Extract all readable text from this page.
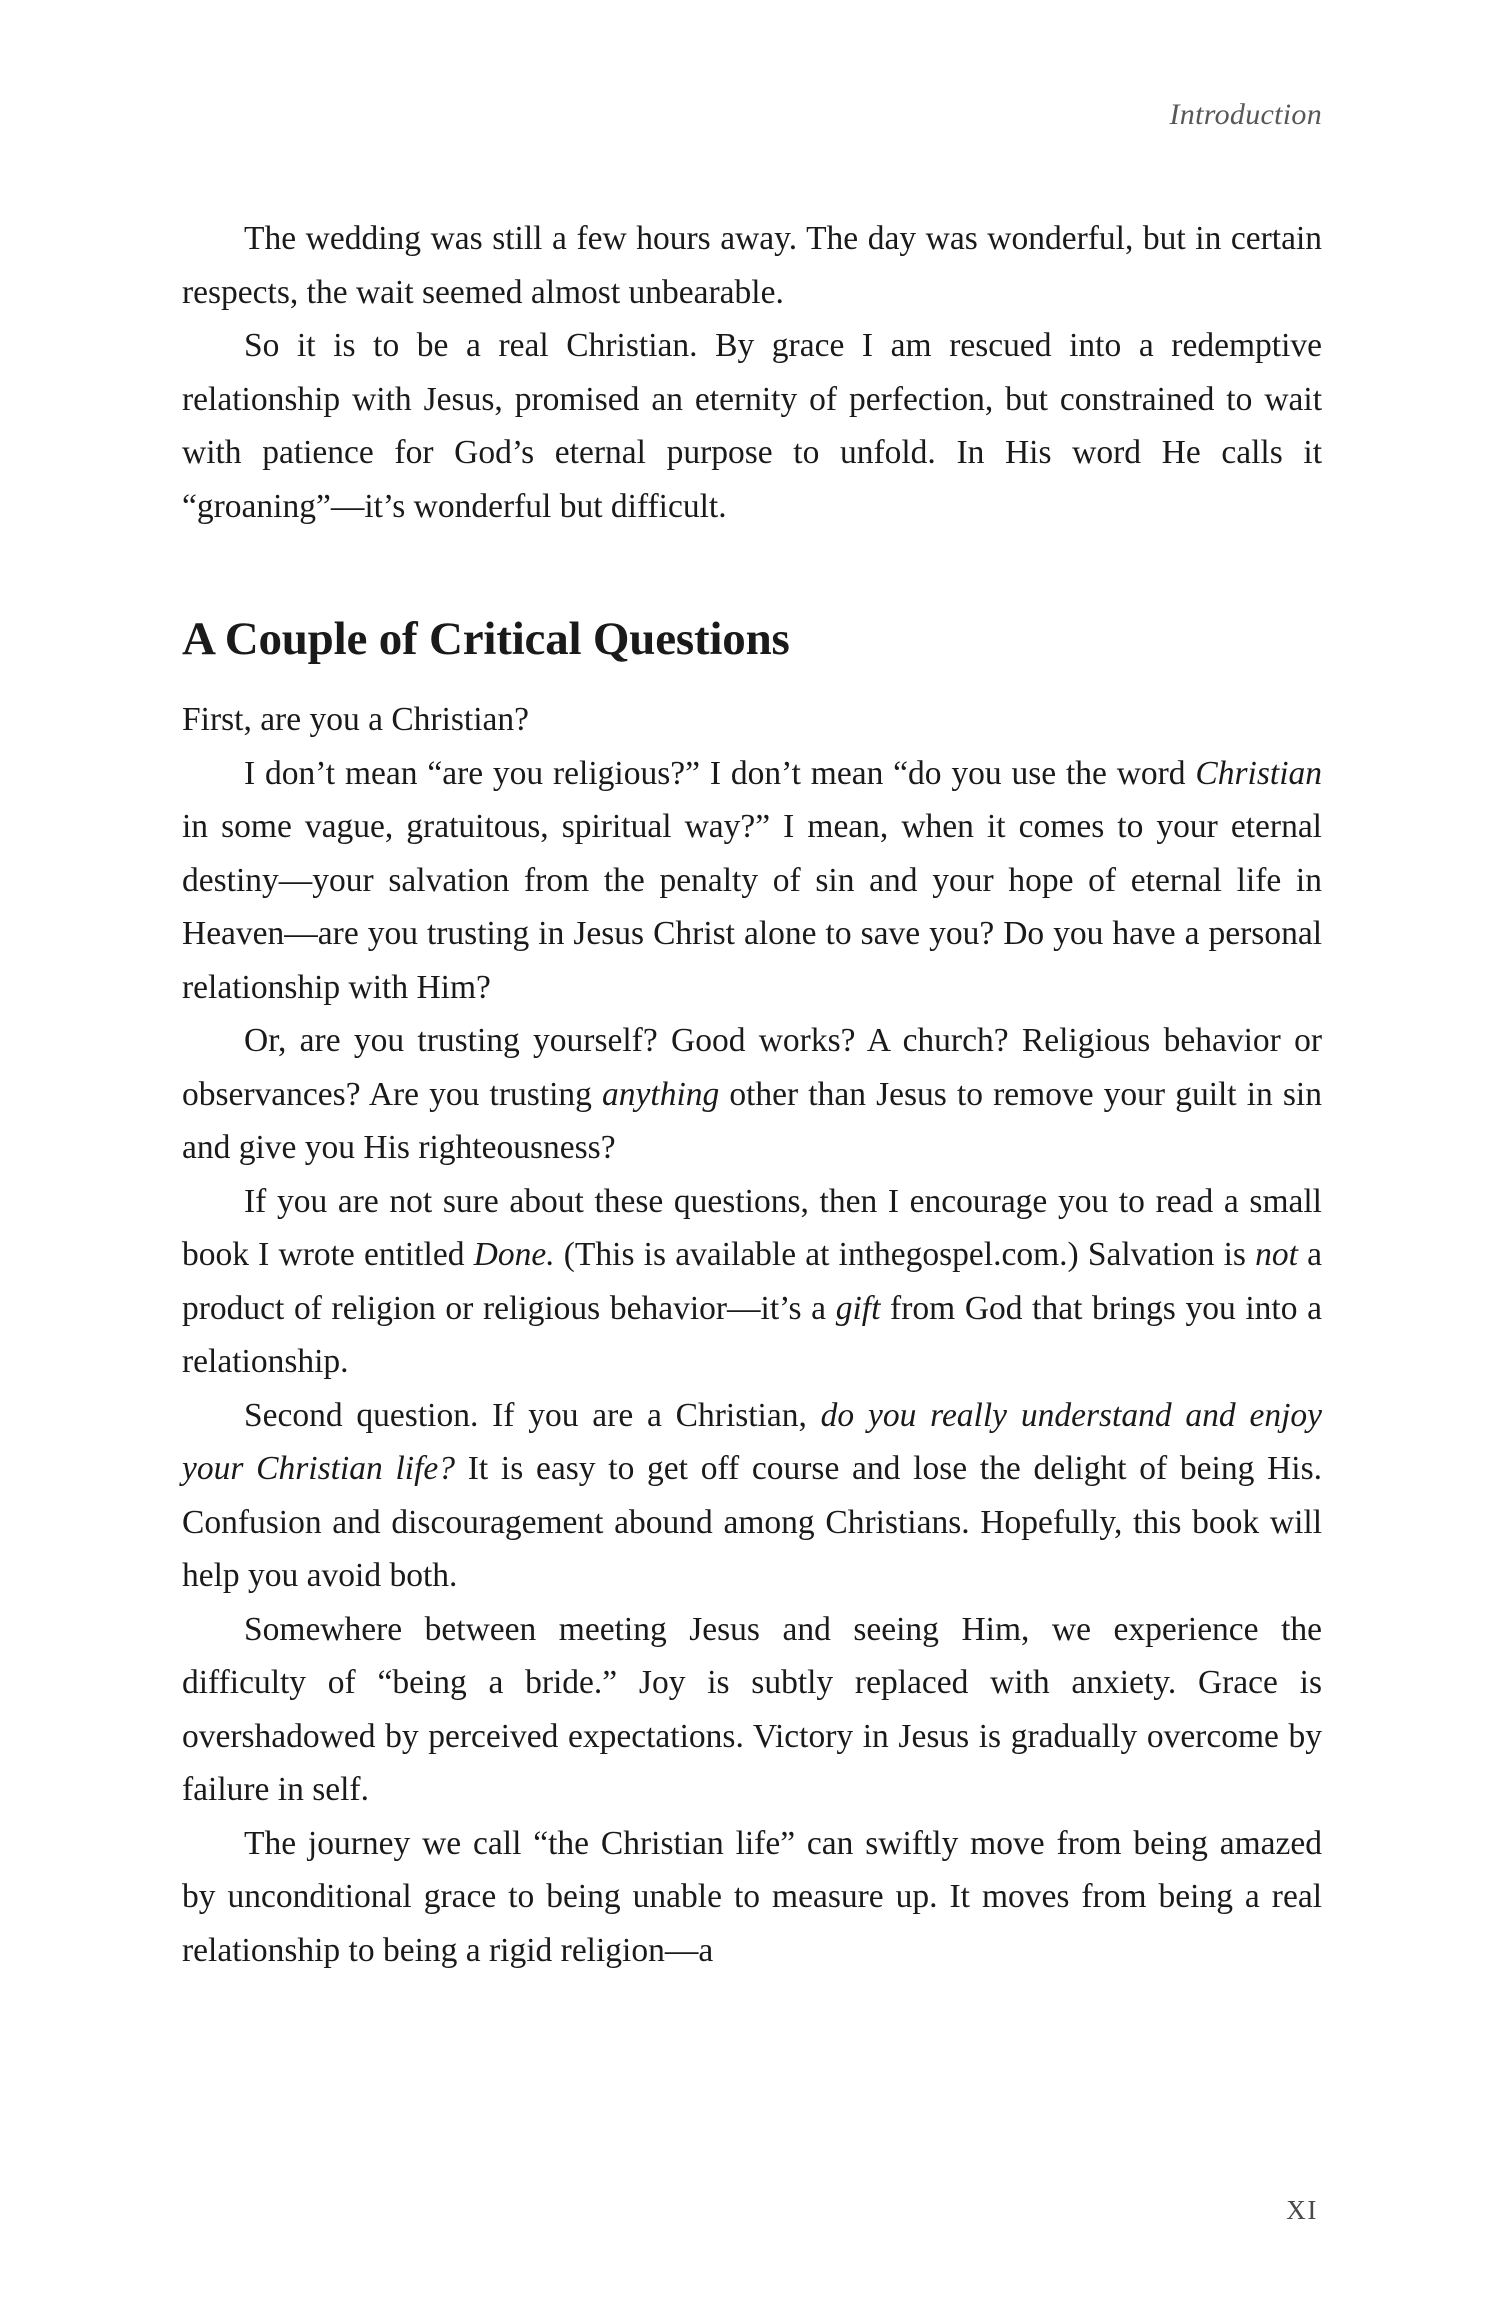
Introduction

The wedding was still a few hours away. The day was wonderful, but in certain respects, the wait seemed almost unbearable.

So it is to be a real Christian. By grace I am rescued into a redemptive relationship with Jesus, promised an eternity of perfection, but constrained to wait with patience for God’s eternal purpose to unfold. In His word He calls it “groaning”—it’s wonderful but difficult.

A Couple of Critical Questions

First, are you a Christian?

I don’t mean “are you religious?” I don’t mean “do you use the word Christian in some vague, gratuitous, spiritual way?” I mean, when it comes to your eternal destiny—your salvation from the penalty of sin and your hope of eternal life in Heaven—are you trusting in Jesus Christ alone to save you? Do you have a personal relationship with Him?

Or, are you trusting yourself? Good works? A church? Religious behavior or observances? Are you trusting anything other than Jesus to remove your guilt in sin and give you His righteousness?

If you are not sure about these questions, then I encourage you to read a small book I wrote entitled Done. (This is available at inthegospel.com.) Salvation is not a product of religion or religious behavior—it’s a gift from God that brings you into a relationship.

Second question. If you are a Christian, do you really understand and enjoy your Christian life? It is easy to get off course and lose the delight of being His. Confusion and discouragement abound among Christians. Hopefully, this book will help you avoid both.

Somewhere between meeting Jesus and seeing Him, we experience the difficulty of “being a bride.” Joy is subtly replaced with anxiety. Grace is overshadowed by perceived expectations. Victory in Jesus is gradually overcome by failure in self.

The journey we call “the Christian life” can swiftly move from being amazed by unconditional grace to being unable to measure up. It moves from being a real relationship to being a rigid religion—a

XI
